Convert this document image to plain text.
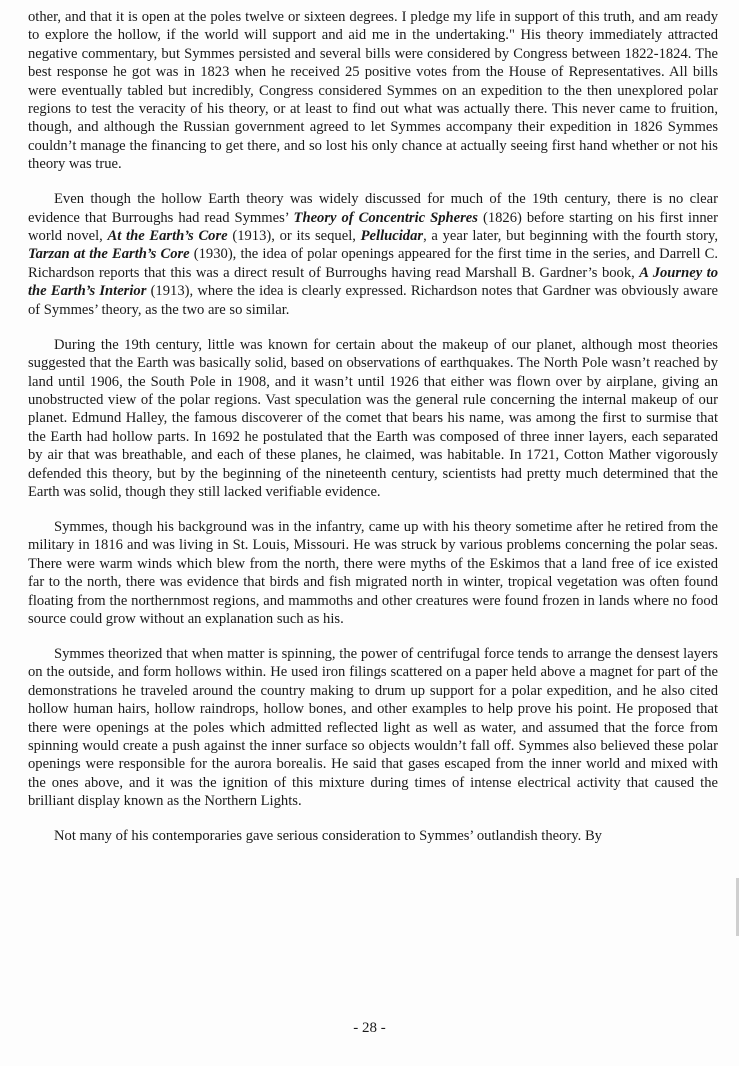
other, and that it is open at the poles twelve or sixteen degrees. I pledge my life in support of this truth, and am ready to explore the hollow, if the world will support and aid me in the undertaking." His theory immediately attracted negative commentary, but Symmes persisted and several bills were considered by Congress between 1822-1824. The best response he got was in 1823 when he received 25 positive votes from the House of Representatives. All bills were eventually tabled but incredibly, Congress considered Symmes on an expedition to the then unexplored polar regions to test the veracity of his theory, or at least to find out what was actually there. This never came to fruition, though, and although the Russian government agreed to let Symmes accompany their expedition in 1826 Symmes couldn’t manage the financing to get there, and so lost his only chance at actually seeing first hand whether or not his theory was true.

Even though the hollow Earth theory was widely discussed for much of the 19th century, there is no clear evidence that Burroughs had read Symmes’ Theory of Concentric Spheres (1826) before starting on his first inner world novel, At the Earth’s Core (1913), or its sequel, Pellucidar, a year later, but beginning with the fourth story, Tarzan at the Earth’s Core (1930), the idea of polar openings appeared for the first time in the series, and Darrell C. Richardson reports that this was a direct result of Burroughs having read Marshall B. Gardner’s book, A Journey to the Earth’s Interior (1913), where the idea is clearly expressed. Richardson notes that Gardner was obviously aware of Symmes’ theory, as the two are so similar.

During the 19th century, little was known for certain about the makeup of our planet, although most theories suggested that the Earth was basically solid, based on observations of earthquakes. The North Pole wasn’t reached by land until 1906, the South Pole in 1908, and it wasn’t until 1926 that either was flown over by airplane, giving an unobstructed view of the polar regions. Vast speculation was the general rule concerning the internal makeup of our planet. Edmund Halley, the famous discoverer of the comet that bears his name, was among the first to surmise that the Earth had hollow parts. In 1692 he postulated that the Earth was composed of three inner layers, each separated by air that was breathable, and each of these planes, he claimed, was habitable. In 1721, Cotton Mather vigorously defended this theory, but by the beginning of the nineteenth century, scientists had pretty much determined that the Earth was solid, though they still lacked verifiable evidence.

Symmes, though his background was in the infantry, came up with his theory sometime after he retired from the military in 1816 and was living in St. Louis, Missouri. He was struck by various problems concerning the polar seas. There were warm winds which blew from the north, there were myths of the Eskimos that a land free of ice existed far to the north, there was evidence that birds and fish migrated north in winter, tropical vegetation was often found floating from the northernmost regions, and mammoths and other creatures were found frozen in lands where no food source could grow without an explanation such as his.

Symmes theorized that when matter is spinning, the power of centrifugal force tends to arrange the densest layers on the outside, and form hollows within. He used iron filings scattered on a paper held above a magnet for part of the demonstrations he traveled around the country making to drum up support for a polar expedition, and he also cited hollow human hairs, hollow raindrops, hollow bones, and other examples to help prove his point. He proposed that there were openings at the poles which admitted reflected light as well as water, and assumed that the force from spinning would create a push against the inner surface so objects wouldn’t fall off. Symmes also believed these polar openings were responsible for the aurora borealis. He said that gases escaped from the inner world and mixed with the ones above, and it was the ignition of this mixture during times of intense electrical activity that caused the brilliant display known as the Northern Lights.

Not many of his contemporaries gave serious consideration to Symmes’ outlandish theory. By

- 28 -
